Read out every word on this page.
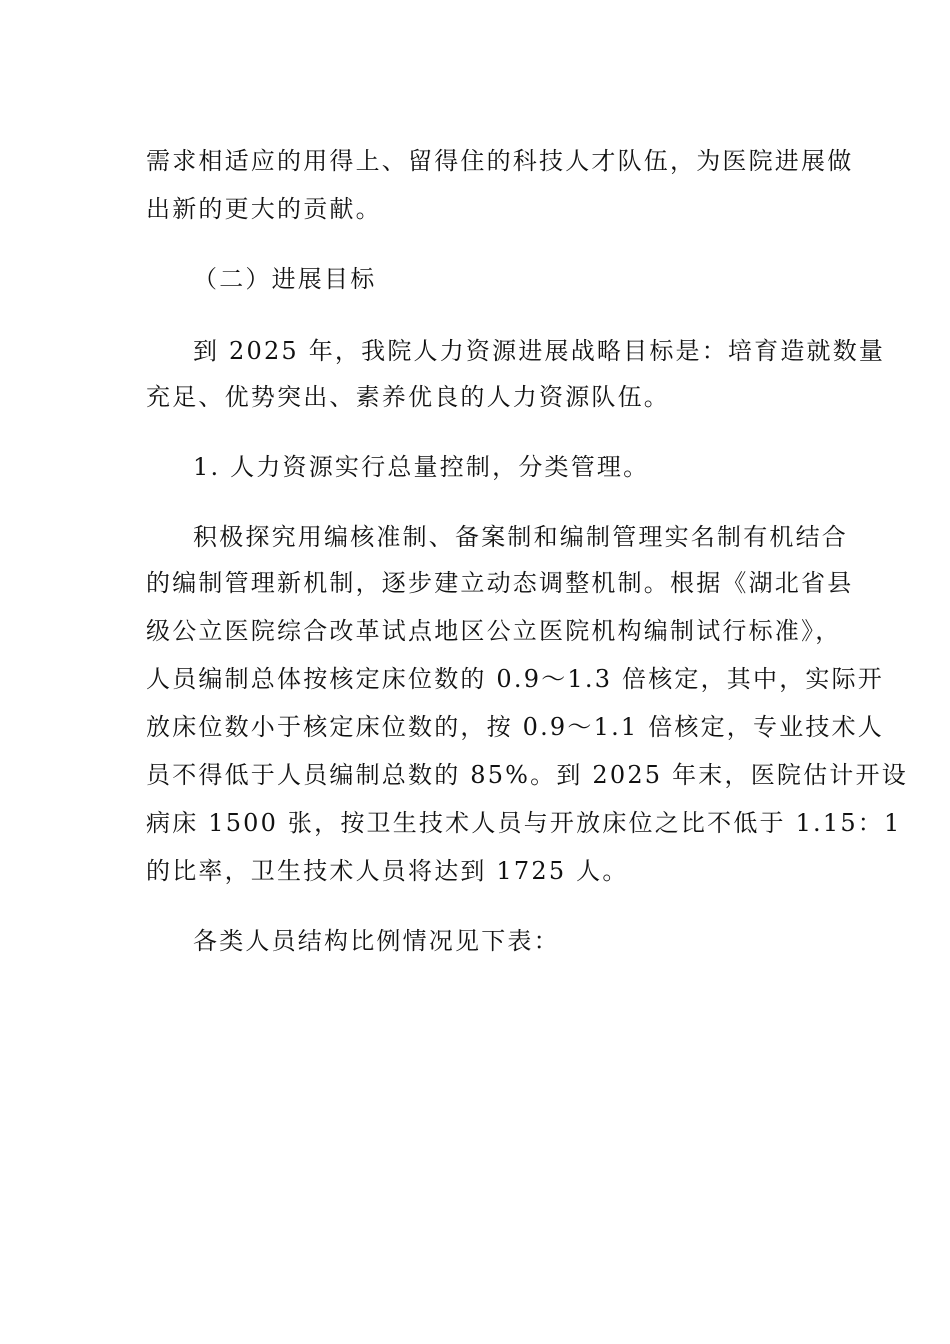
需求相适应的用得上、留得住的科技人才队伍，为医院进展做
出新的更大的贡献。
（二）进展目标
到 2025 年，我院人力资源进展战略目标是：培育造就数量
充足、优势突出、素养优良的人力资源队伍。
1. 人力资源实行总量控制，分类管理。
积极探究用编核准制、备案制和编制管理实名制有机结合
的编制管理新机制，逐步建立动态调整机制。根据《湖北省县
级公立医院综合改革试点地区公立医院机构编制试行标准》，
人员编制总体按核定床位数的 0.9～1.3 倍核定，其中，实际开
放床位数小于核定床位数的，按 0.9～1.1 倍核定，专业技术人
员不得低于人员编制总数的 85%。到 2025 年末，医院估计开设
病床 1500 张，按卫生技术人员与开放床位之比不低于 1.15：1
的比率，卫生技术人员将达到 1725 人。
各类人员结构比例情况见下表：
